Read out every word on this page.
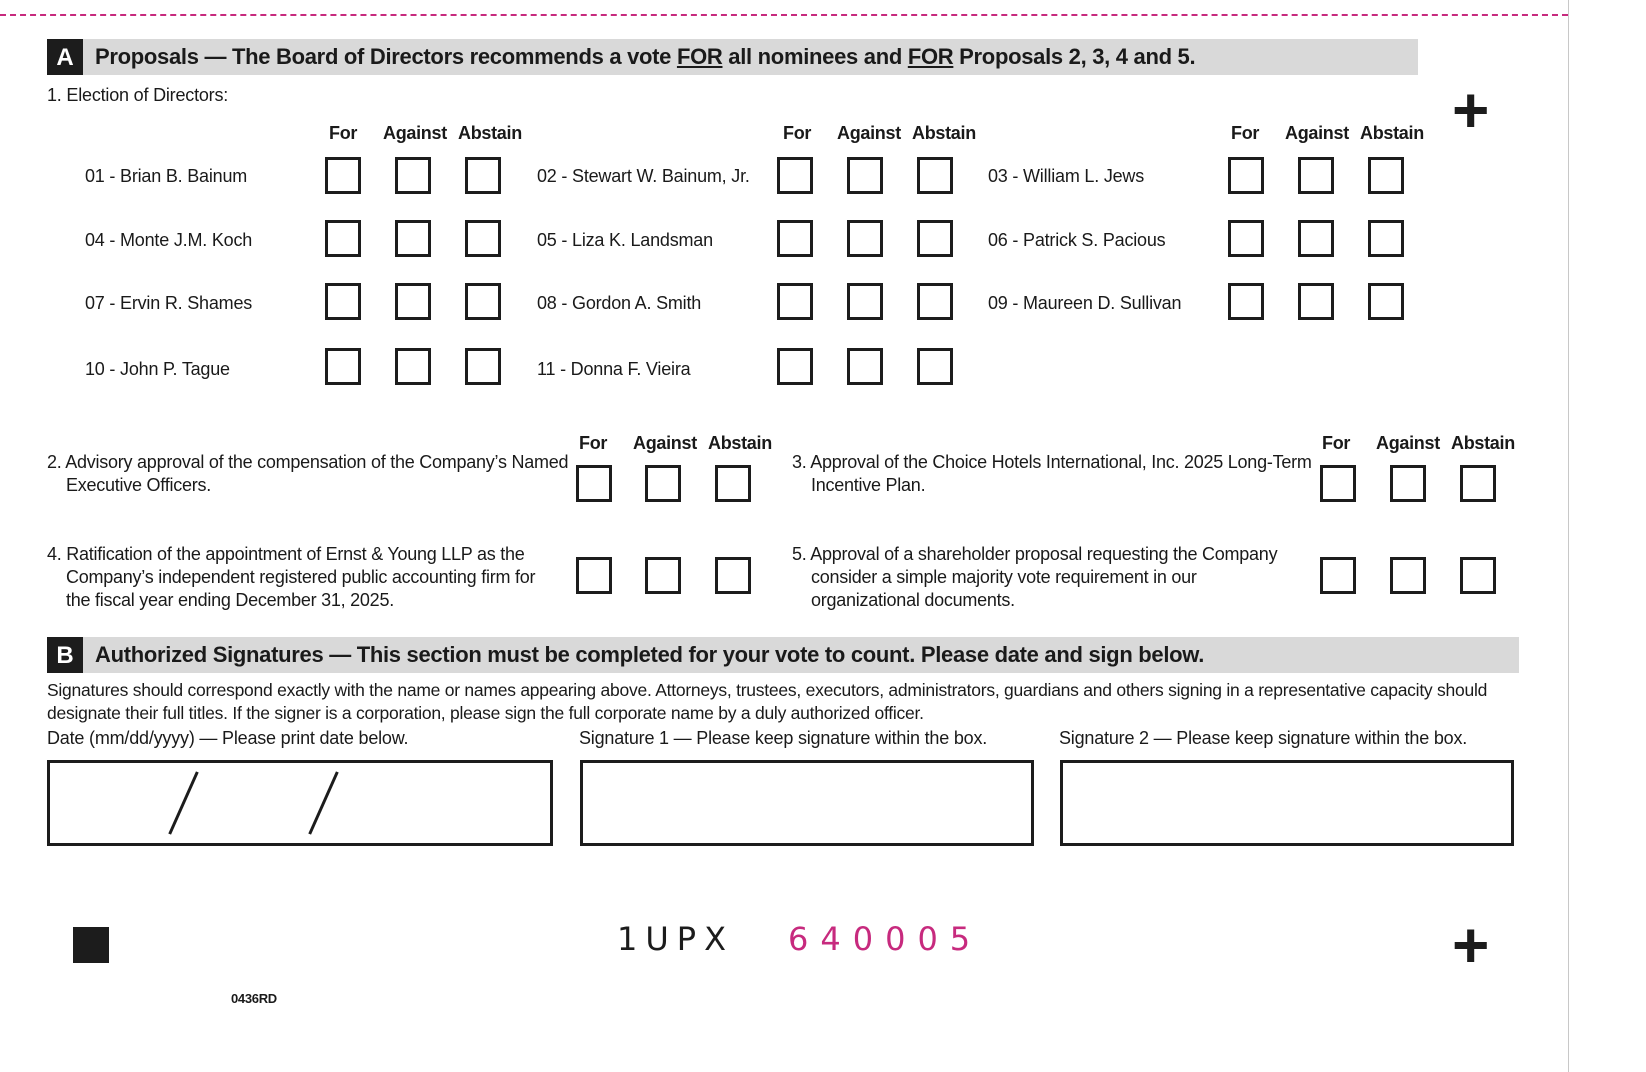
A Proposals — The Board of Directors recommends a vote FOR all nominees and FOR Proposals 2, 3, 4 and 5.
+
1. Election of Directors:
For Against Abstain	For Against Abstain	For Against Abstain
01 - Brian B. Bainum	02 - Stewart W. Bainum, Jr.	03 - William L. Jews
04 - Monte J.M. Koch	05 - Liza K. Landsman	06 - Patrick S. Pacious
07 - Ervin R. Shames	08 - Gordon A. Smith	09 - Maureen D. Sullivan
10 - John P. Tague	11 - Donna F. Vieira
For Against Abstain	For Against Abstain
2. Advisory approval of the compensation of the Company’s Named
Executive Officers.
3. Approval of the Choice Hotels International, Inc. 2025 Long-Term
Incentive Plan.
4. Ratification of the appointment of Ernst & Young LLP as the
Company’s independent registered public accounting firm for
the fiscal year ending December 31, 2025.
5. Approval of a shareholder proposal requesting the Company
consider a simple majority vote requirement in our
organizational documents.
B Authorized Signatures — This section must be completed for your vote to count. Please date and sign below.
Signatures should correspond exactly with the name or names appearing above. Attorneys, trustees, executors, administrators, guardians and others signing in a representative capacity should
designate their full titles. If the signer is a corporation, please sign the full corporate name by a duly authorized officer.
Date (mm/dd/yyyy) — Please print date below.	Signature 1 — Please keep signature within the box.	Signature 2 — Please keep signature within the box.
1UPX 640005	+
0436RD
